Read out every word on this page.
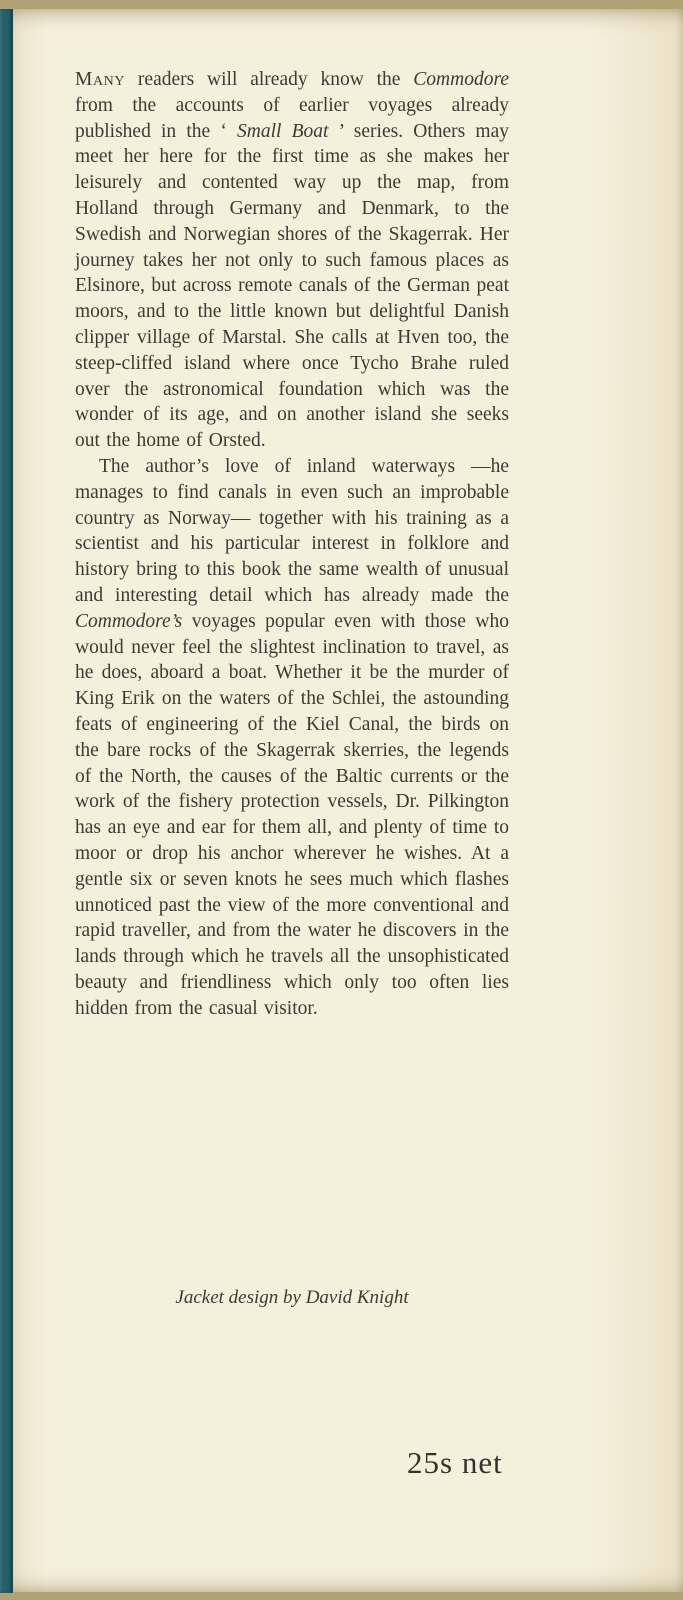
Many readers will already know the Commodore from the accounts of earlier voyages already published in the ‘ Small Boat ’ series. Others may meet her here for the first time as she makes her leisurely and contented way up the map, from Holland through Germany and Denmark, to the Swedish and Norwegian shores of the Skagerrak. Her journey takes her not only to such famous places as Elsinore, but across remote canals of the German peat moors, and to the little known but delightful Danish clipper village of Marstal. She calls at Hven too, the steep-cliffed island where once Tycho Brahe ruled over the astronomical foundation which was the wonder of its age, and on another island she seeks out the home of Orsted.

The author’s love of inland waterways —he manages to find canals in even such an improbable country as Norway— together with his training as a scientist and his particular interest in folklore and history bring to this book the same wealth of unusual and interesting detail which has already made the Commodore’s voyages popular even with those who would never feel the slightest inclination to travel, as he does, aboard a boat. Whether it be the murder of King Erik on the waters of the Schlei, the astounding feats of engineering of the Kiel Canal, the birds on the bare rocks of the Skagerrak skerries, the legends of the North, the causes of the Baltic currents or the work of the fishery protection vessels, Dr. Pilkington has an eye and ear for them all, and plenty of time to moor or drop his anchor wherever he wishes. At a gentle six or seven knots he sees much which flashes unnoticed past the view of the more conventional and rapid traveller, and from the water he discovers in the lands through which he travels all the unsophisticated beauty and friendliness which only too often lies hidden from the casual visitor.

Jacket design by David Knight
25s net
